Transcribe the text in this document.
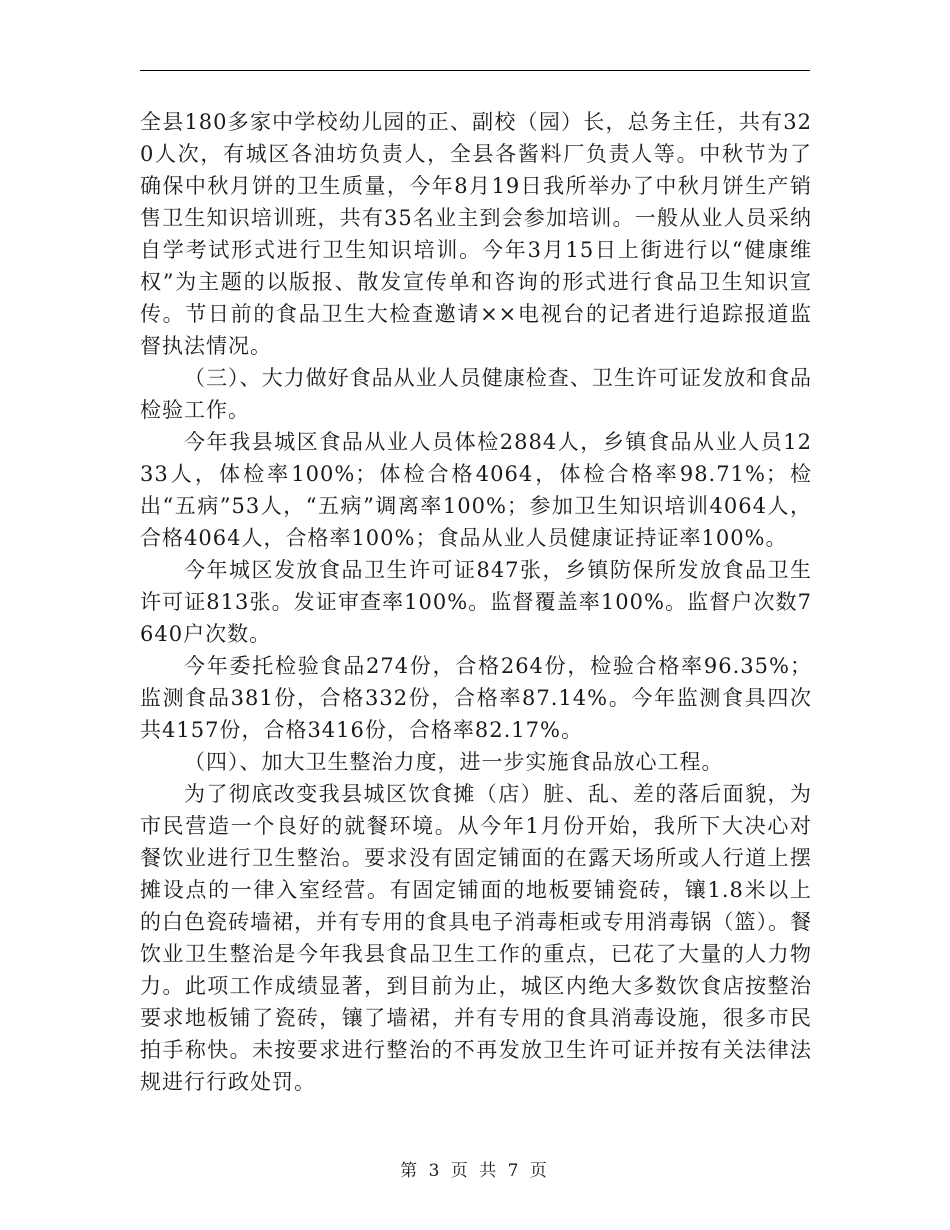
全县180多家中学校幼儿园的正、副校（园）长，总务主任，共有320人次，有城区各油坊负责人，全县各酱料厂负责人等。中秋节为了确保中秋月饼的卫生质量，今年8月19日我所举办了中秋月饼生产销售卫生知识培训班，共有35名业主到会参加培训。一般从业人员采纳自学考试形式进行卫生知识培训。今年3月15日上街进行以“健康维权”为主题的以版报、散发宣传单和咨询的形式进行食品卫生知识宣传。节日前的食品卫生大检查邀请××电视台的记者进行追踪报道监督执法情况。

（三）、大力做好食品从业人员健康检查、卫生许可证发放和食品检验工作。

今年我县城区食品从业人员体检2884人，乡镇食品从业人员1233人，体检率100%；体检合格4064，体检合格率98.71%；检出“五病”53人，“五病”调离率100%；参加卫生知识培训4064人，合格4064人，合格率100%；食品从业人员健康证持证率100%。

今年城区发放食品卫生许可证847张，乡镇防保所发放食品卫生许可证813张。发证审查率100%。监督覆盖率100%。监督户次数7640户次数。

今年委托检验食品274份，合格264份，检验合格率96.35%；监测食品381份，合格332份，合格率87.14%。今年监测食具四次共4157份，合格3416份，合格率82.17%。

（四）、加大卫生整治力度，进一步实施食品放心工程。

为了彻底改变我县城区饮食摊（店）脏、乱、差的落后面貌，为市民营造一个良好的就餐环境。从今年1月份开始，我所下大决心对餐饮业进行卫生整治。要求没有固定铺面的在露天场所或人行道上摆摊设点的一律入室经营。有固定铺面的地板要铺瓷砖，镶1.8米以上的白色瓷砖墙裙，并有专用的食具电子消毒柜或专用消毒锅（篮）。餐饮业卫生整治是今年我县食品卫生工作的重点，已花了大量的人力物力。此项工作成绩显著，到目前为止，城区内绝大多数饮食店按整治要求地板铺了瓷砖，镶了墙裙，并有专用的食具消毒设施，很多市民拍手称快。未按要求进行整治的不再发放卫生许可证并按有关法律法规进行行政处罚。

第 3 页 共 7 页
